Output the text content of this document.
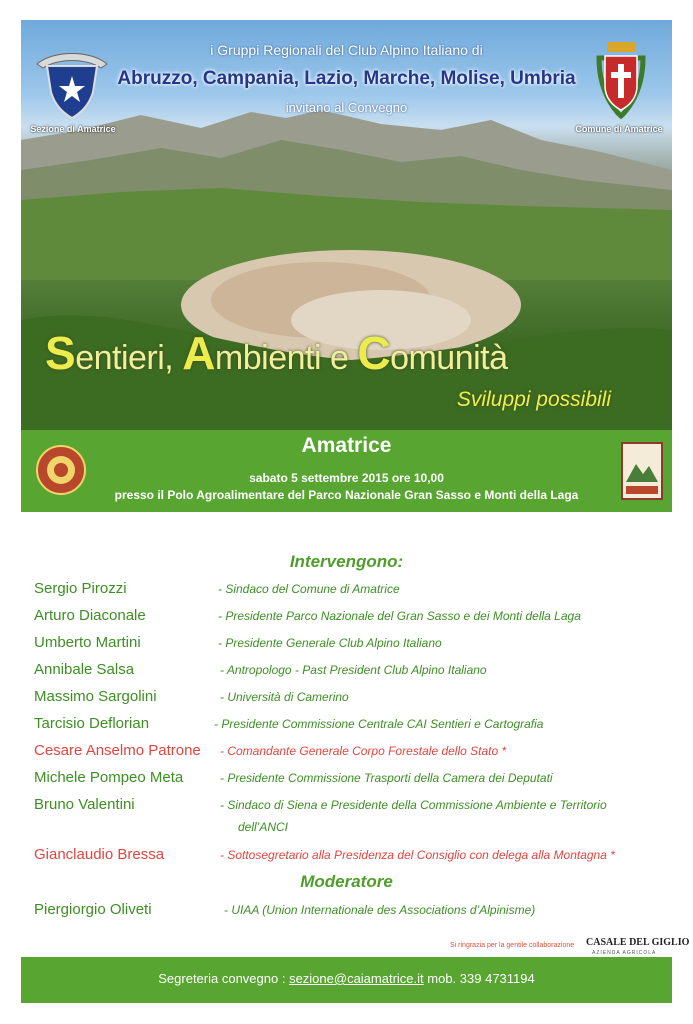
i Gruppi Regionali del Club Alpino Italiano di
Abruzzo, Campania, Lazio, Marche, Molise, Umbria
invitano al Convegno
Sezione di Amatrice	Comune di Amatrice
Sentieri, Ambienti e Comunità
Sviluppi possibili
Amatrice
sabato 5 settembre 2015 ore 10,00
presso il Polo Agroalimentare del Parco Nazionale Gran Sasso e Monti della Laga
Intervengono:
Sergio Pirozzi	- Sindaco del Comune di Amatrice
Arturo Diaconale	- Presidente Parco Nazionale del Gran Sasso e dei Monti della Laga
Umberto Martini	- Presidente Generale Club Alpino Italiano
Annibale Salsa	- Antropologo - Past President Club Alpino Italiano
Massimo Sargolini	- Università di Camerino
Tarcisio Deflorian	- Presidente Commissione Centrale CAI Sentieri e Cartografia
Cesare Anselmo Patrone - Comandante Generale Corpo Forestale dello Stato *
Michele Pompeo Meta	- Presidente Commissione Trasporti della Camera dei Deputati
Bruno Valentini	- Sindaco di Siena e Presidente della Commissione Ambiente e Territorio
dell’ANCI
Gianclaudio Bressa	- Sottosegretario alla Presidenza del Consiglio con delega alla Montagna *
Moderatore
Piergiorgio Oliveti	- UIAA (Union Internationale des Associations d’Alpinisme)
Si ringrazia per la gentile collaborazione CASALE DEL GIGLIO
AZIENDA AGRICOLA
Segreteria convegno : sezione@caiamatrice.it mob. 339 4731194
